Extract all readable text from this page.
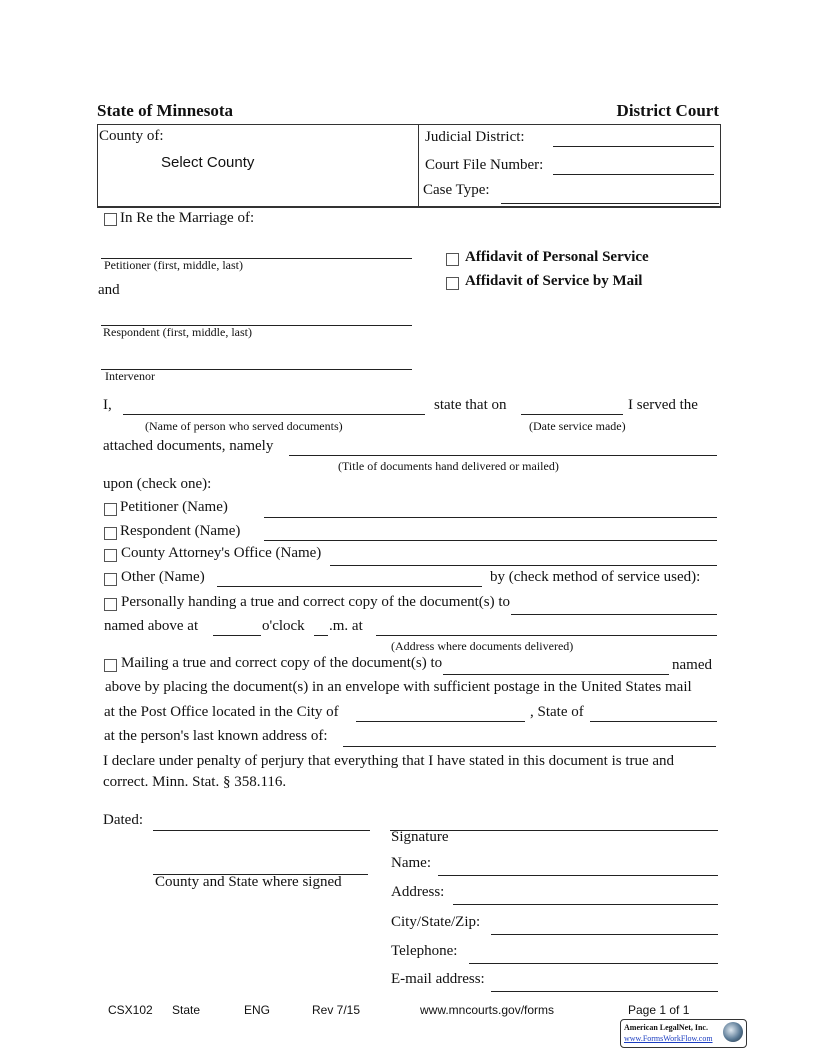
State of Minnesota	District Court
County of:
Select County
Judicial District:
Court File Number:
Case Type:
In Re the Marriage of:
Petitioner (first, middle, last)
and
Respondent (first, middle, last)
Intervenor
Affidavit of Personal Service
Affidavit of Service by Mail
I,
(Name of person who served documents)
state that on
(Date service made)
I served the
attached documents, namely
(Title of documents hand delivered or mailed)
upon (check one):
Petitioner (Name)
Respondent (Name)
County Attorney's Office (Name)
Other (Name)	by (check method of service used):
Personally handing a true and correct copy of the document(s) to
named above at	o'clock .m. at
(Address where documents delivered)
Mailing a true and correct copy of the document(s) to	named
above by placing the document(s) in an envelope with sufficient postage in the United States mail
at the Post Office located in the City of	, State of
at the person's last known address of:
I declare under penalty of perjury that everything that I have stated in this document is true and
correct. Minn. Stat. § 358.116.
Dated:
Signature
Name:
County and State where signed
Address:
City/State/Zip:
Telephone:
E-mail address:
CSX102 State	ENG	Rev 7/15	www.mncourts.gov/forms	Page 1 of 1
American LegalNet, Inc.
www.FormsWorkFlow.com
